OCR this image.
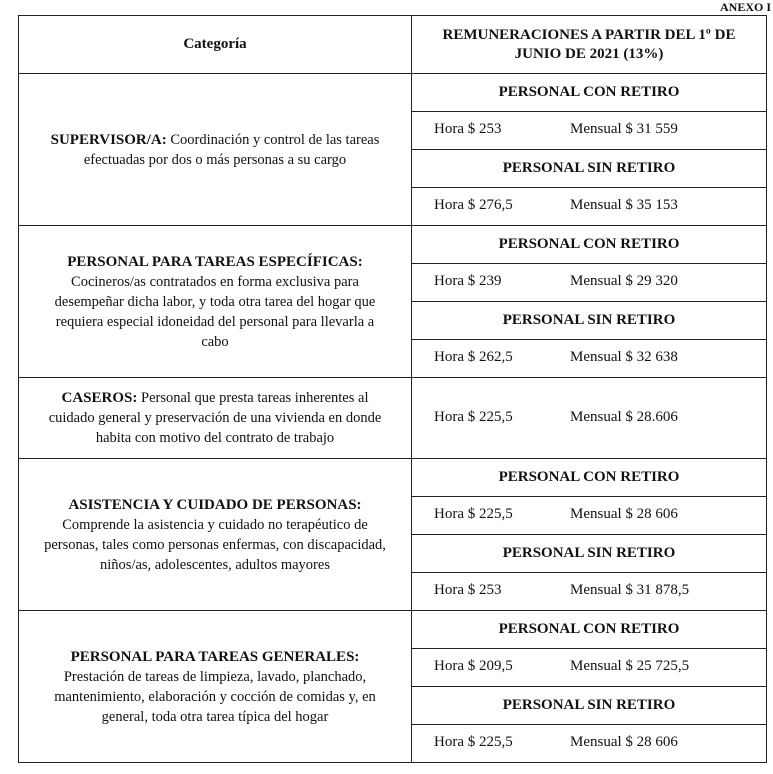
ANEXO I
Categoría	REMUNERACIONES A PARTIR DEL 1º DE JUNIO DE 2021 (13%)
SUPERVISOR/A: Coordinación y control de las tareas efectuadas por dos o más personas a su cargo	PERSONAL CON RETIRO

	Hora $ 253 Mensual $ 31 559

	PERSONAL SIN RETIRO

	Hora $ 276,5 Mensual $ 35 153

PERSONAL PARA TAREAS ESPECÍFICAS:
Cocineros/as contratados en forma exclusiva para desempeñar dicha labor, y toda otra tarea del hogar que requiera especial idoneidad del personal para llevarla a cabo	PERSONAL CON RETIRO

	Hora $ 239 Mensual $ 29 320

	PERSONAL SIN RETIRO

	Hora $ 262,5 Mensual $ 32 638

CASEROS: Personal que presta tareas inherentes al cuidado general y preservación de una vivienda en donde habita con motivo del contrato de trabajo	Hora $ 225,5 Mensual $ 28.606

ASISTENCIA Y CUIDADO DE PERSONAS:
Comprende la asistencia y cuidado no terapéutico de personas, tales como personas enfermas, con discapacidad, niños/as, adolescentes, adultos mayores	PERSONAL CON RETIRO

	Hora $ 225,5 Mensual $ 28 606

	PERSONAL SIN RETIRO

	Hora $ 253 Mensual $ 31 878,5

PERSONAL PARA TAREAS GENERALES:
Prestación de tareas de limpieza, lavado, planchado, mantenimiento, elaboración y cocción de comidas y, en general, toda otra tarea típica del hogar	PERSONAL CON RETIRO

	Hora $ 209,5 Mensual $ 25 725,5

	PERSONAL SIN RETIRO

	Hora $ 225,5 Mensual $ 28 606
